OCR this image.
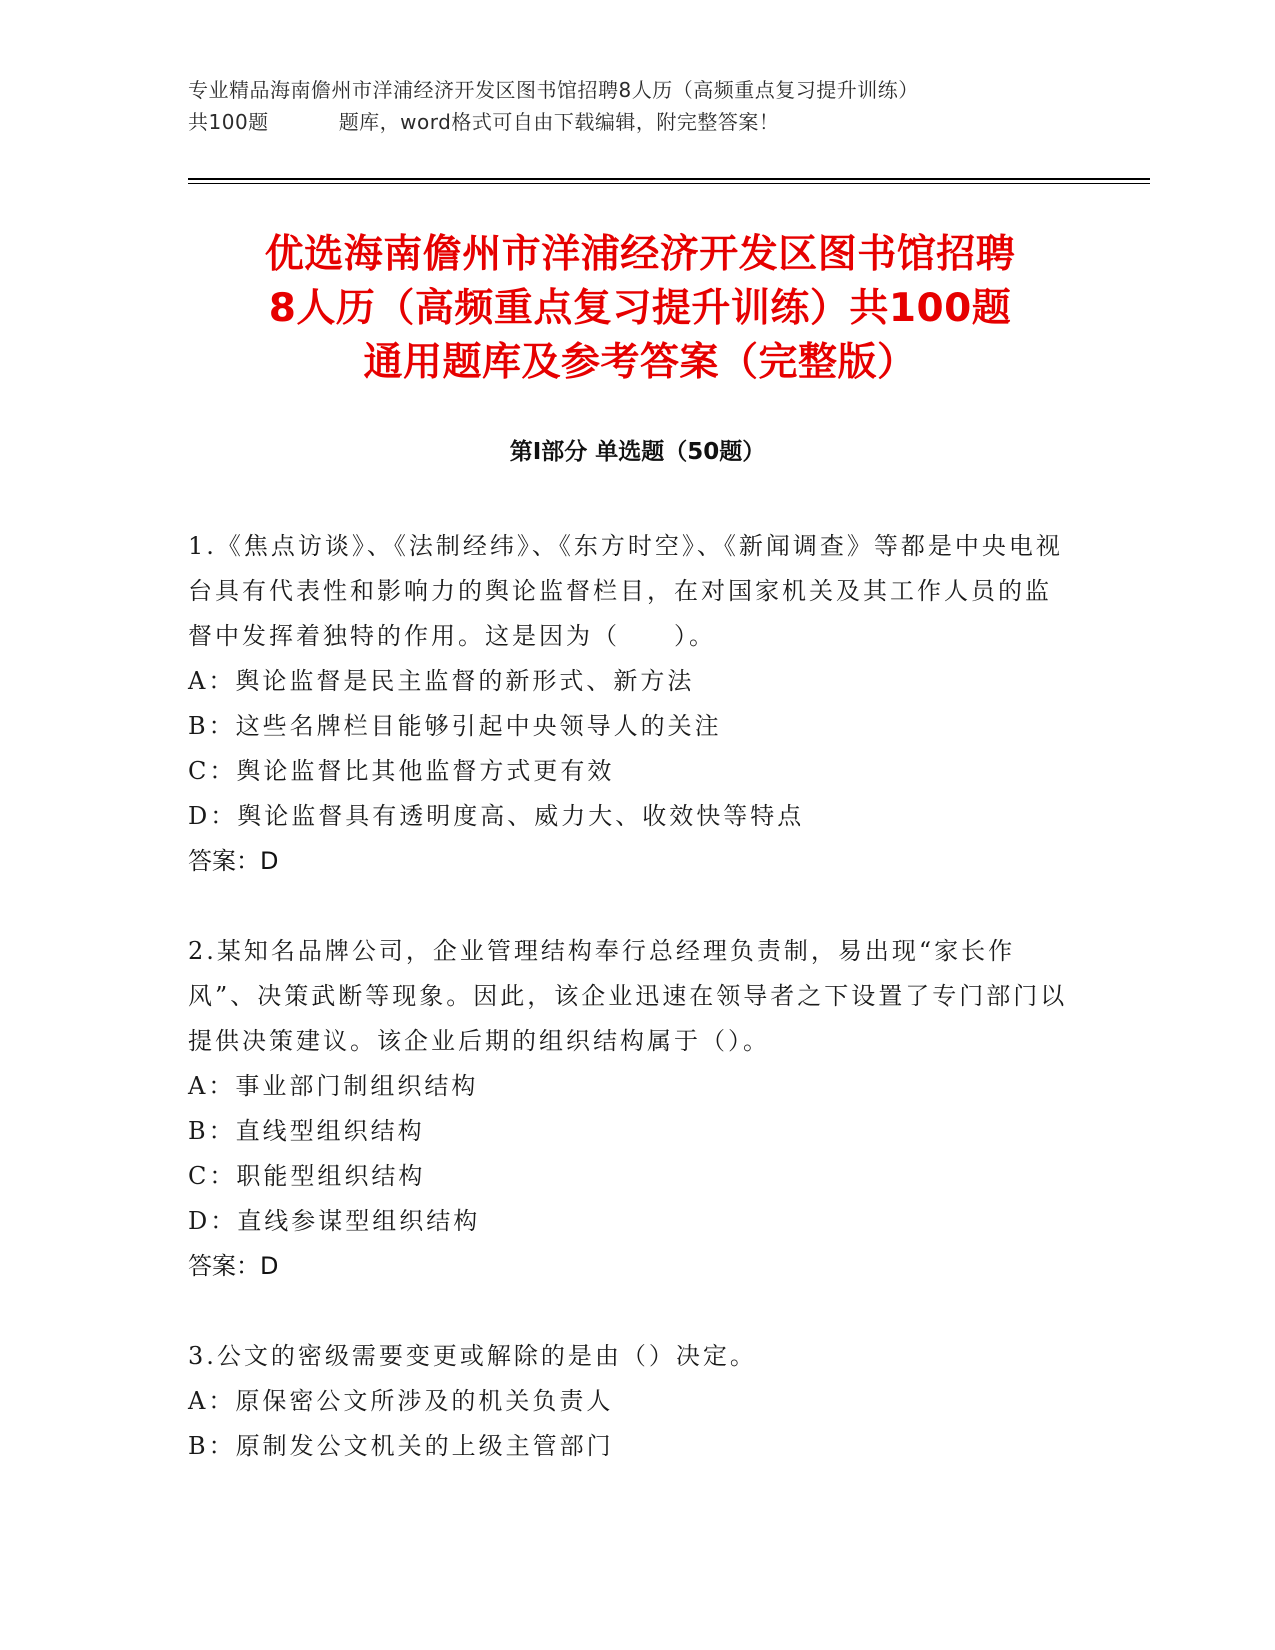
专业精品海南儋州市洋浦经济开发区图书馆招聘8人历（高频重点复习提升训练）
共100题	题库，word格式可自由下载编辑，附完整答案！
优选海南儋州市洋浦经济开发区图书馆招聘
8人历（高频重点复习提升训练）共100题
通用题库及参考答案（完整版）
第Ⅰ部分 单选题（50题）
1.《焦点访谈》、《法制经纬》、《东方时空》、《新闻调查》等都是中央电视台具有代表性和影响力的舆论监督栏目，在对国家机关及其工作人员的监督中发挥着独特的作用。这是因为（　　）。
A：舆论监督是民主监督的新形式、新方法
B：这些名牌栏目能够引起中央领导人的关注
C：舆论监督比其他监督方式更有效
D：舆论监督具有透明度高、威力大、收效快等特点
答案：D
2.某知名品牌公司，企业管理结构奉行总经理负责制，易出现“家长作风”、决策武断等现象。因此，该企业迅速在领导者之下设置了专门部门以提供决策建议。该企业后期的组织结构属于（）。
A：事业部门制组织结构
B：直线型组织结构
C：职能型组织结构
D：直线参谋型组织结构
答案：D
3.公文的密级需要变更或解除的是由（）决定。
A：原保密公文所涉及的机关负责人
B：原制发公文机关的上级主管部门
